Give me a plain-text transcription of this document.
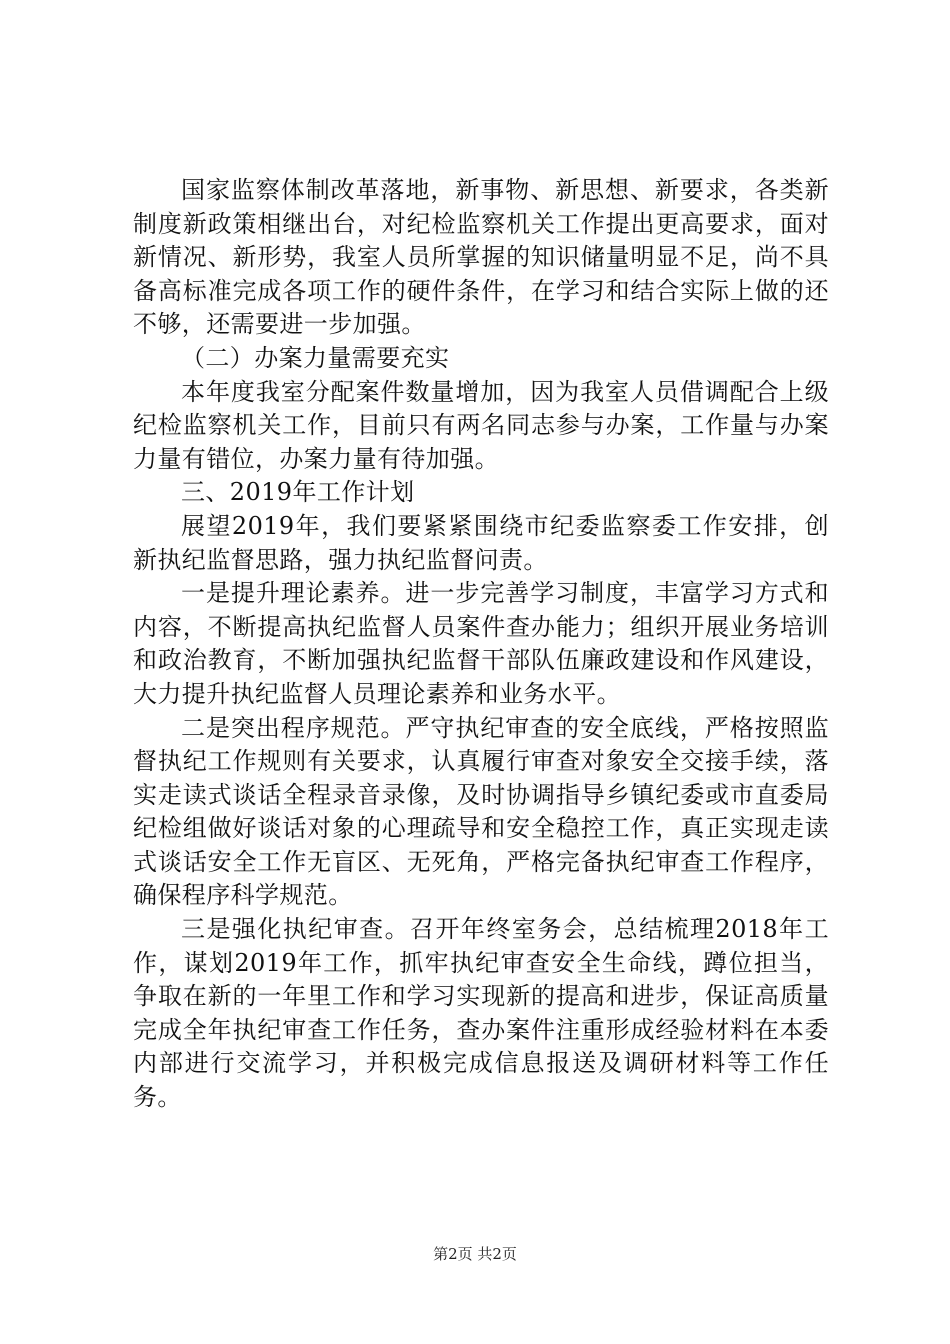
国家监察体制改革落地，新事物、新思想、新要求，各类新制度新政策相继出台，对纪检监察机关工作提出更高要求，面对新情况、新形势，我室人员所掌握的知识储量明显不足，尚不具备高标准完成各项工作的硬件条件，在学习和结合实际上做的还不够，还需要进一步加强。

（二）办案力量需要充实

本年度我室分配案件数量增加，因为我室人员借调配合上级纪检监察机关工作，目前只有两名同志参与办案，工作量与办案力量有错位，办案力量有待加强。

三、2019年工作计划

展望2019年，我们要紧紧围绕市纪委监察委工作安排，创新执纪监督思路，强力执纪监督问责。

一是提升理论素养。进一步完善学习制度，丰富学习方式和内容，不断提高执纪监督人员案件查办能力；组织开展业务培训和政治教育，不断加强执纪监督干部队伍廉政建设和作风建设，大力提升执纪监督人员理论素养和业务水平。

二是突出程序规范。严守执纪审查的安全底线，严格按照监督执纪工作规则有关要求，认真履行审查对象安全交接手续，落实走读式谈话全程录音录像，及时协调指导乡镇纪委或市直委局纪检组做好谈话对象的心理疏导和安全稳控工作，真正实现走读式谈话安全工作无盲区、无死角，严格完备执纪审查工作程序，确保程序科学规范。

三是强化执纪审查。召开年终室务会，总结梳理2018年工作，谋划2019年工作，抓牢执纪审查安全生命线，蹲位担当，争取在新的一年里工作和学习实现新的提高和进步，保证高质量完成全年执纪审查工作任务，查办案件注重形成经验材料在本委内部进行交流学习，并积极完成信息报送及调研材料等工作任务。

第2页 共2页
